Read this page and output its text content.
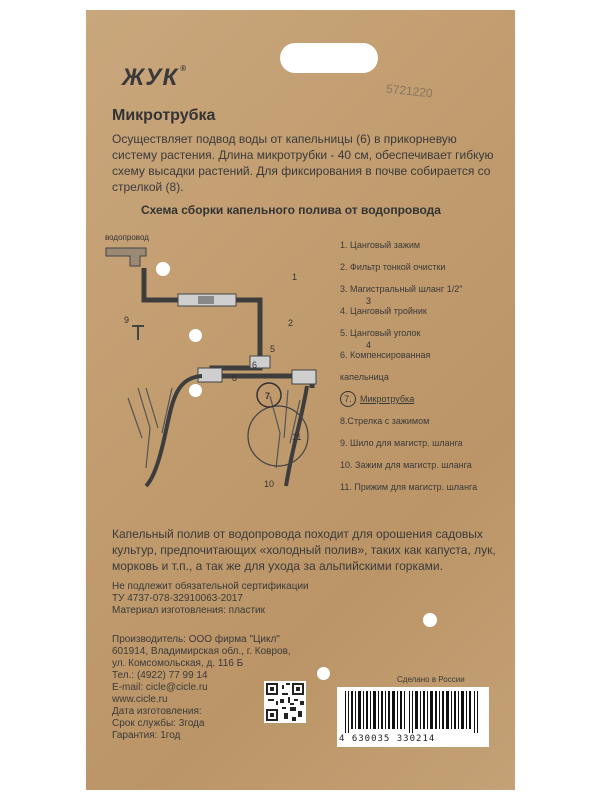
ЖУК ®
5721220
Микротрубка
Осуществляет подвод воды от капельницы (6) в прикорневую систему растения. Длина микротрубки - 40 см, обеспечивает гибкую схему высадки растений. Для фиксирования в почве собирается со стрелкой (8).
Схема сборки капельного полива от водопровода
водопровод
1
2
3
4
5
6
7
8
9
10
11
1. Цанговый зажим
2. Фильтр тонкой очистки
3. Магистральный шланг 1/2"
4. Цанговый тройник
5. Цанговый уголок
6. Компенсированная
капельница
7. Микротрубка
8.Стрелка с зажимом
9. Шило для магистр. шланга
10. Зажим для магистр. шланга
11. Прижим для магистр. шланга
Капельный полив от водопровода походит для орошения садовых культур, предпочитающих «холодный полив», таких как капуста, лук, морковь и т.п., а так же для ухода за альпийскими горками.
Не подлежит обязательной сертификации
ТУ 4737-078-32910063-2017
Материал изготовления: пластик
Производитель: ООО фирма "Цикл"
601914, Владимирская обл., г. Ковров,
ул. Комсомольская, д. 116 Б
Тел.: (4922) 77 99 14
E-mail: cicle@cicle.ru
www.cicle.ru
Дата изготовления:
Срок службы: 3года
Гарантия: 1год
Сделано в России
4 630035 330214
